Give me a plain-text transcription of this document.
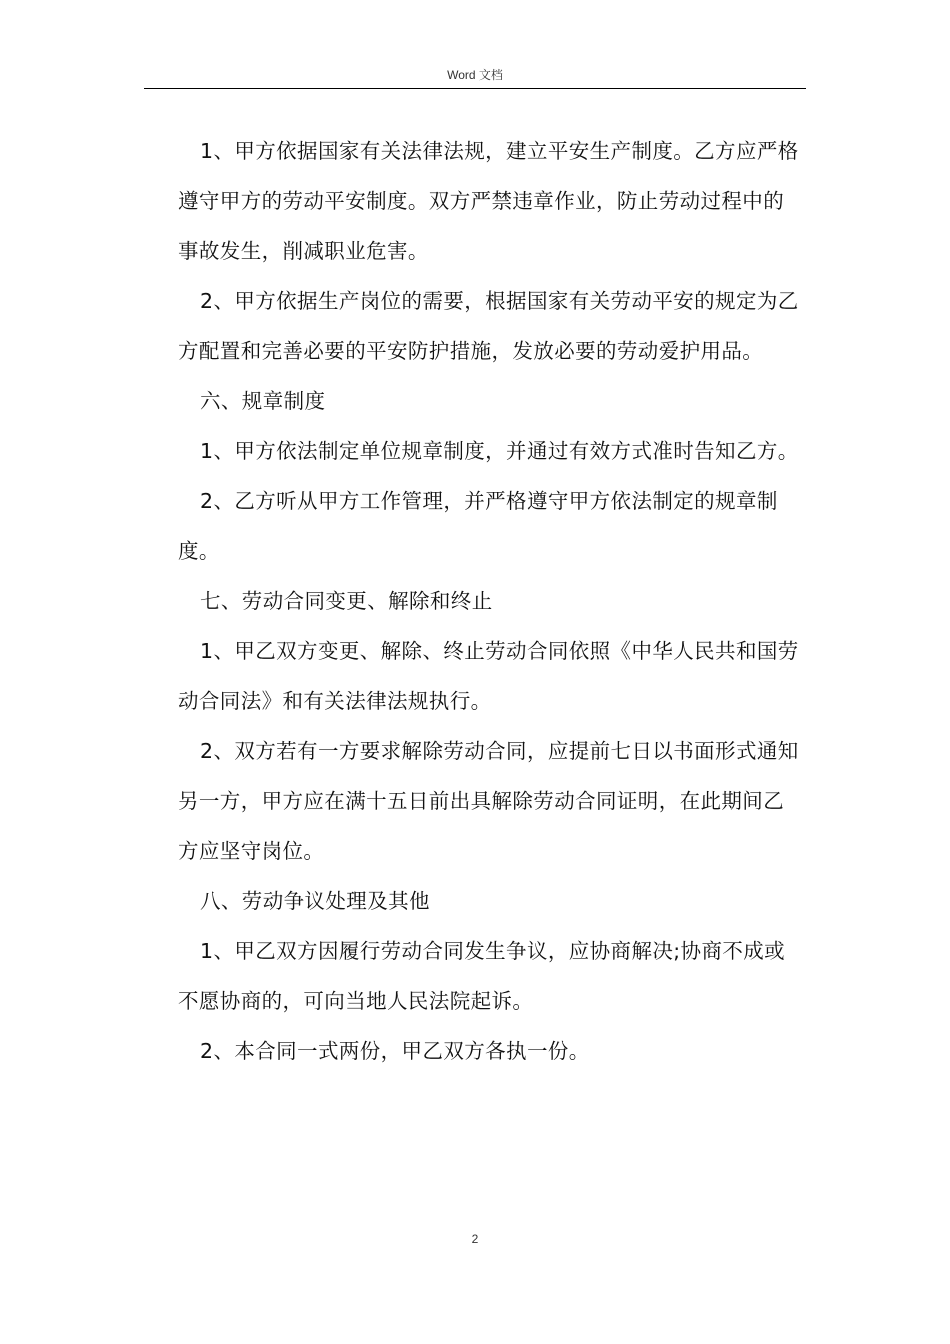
Word 文档

1、甲方依据国家有关法律法规，建立平安生产制度。乙方应严格遵守甲方的劳动平安制度。双方严禁违章作业，防止劳动过程中的事故发生，削减职业危害。

2、甲方依据生产岗位的需要，根据国家有关劳动平安的规定为乙方配置和完善必要的平安防护措施，发放必要的劳动爱护用品。

六、规章制度

1、甲方依法制定单位规章制度，并通过有效方式准时告知乙方。

2、乙方听从甲方工作管理，并严格遵守甲方依法制定的规章制度。

七、劳动合同变更、解除和终止

1、甲乙双方变更、解除、终止劳动合同依照《中华人民共和国劳动合同法》和有关法律法规执行。

2、双方若有一方要求解除劳动合同，应提前七日以书面形式通知另一方，甲方应在满十五日前出具解除劳动合同证明，在此期间乙方应坚守岗位。

八、劳动争议处理及其他

1、甲乙双方因履行劳动合同发生争议，应协商解决;协商不成或不愿协商的，可向当地人民法院起诉。

2、本合同一式两份，甲乙双方各执一份。

2
